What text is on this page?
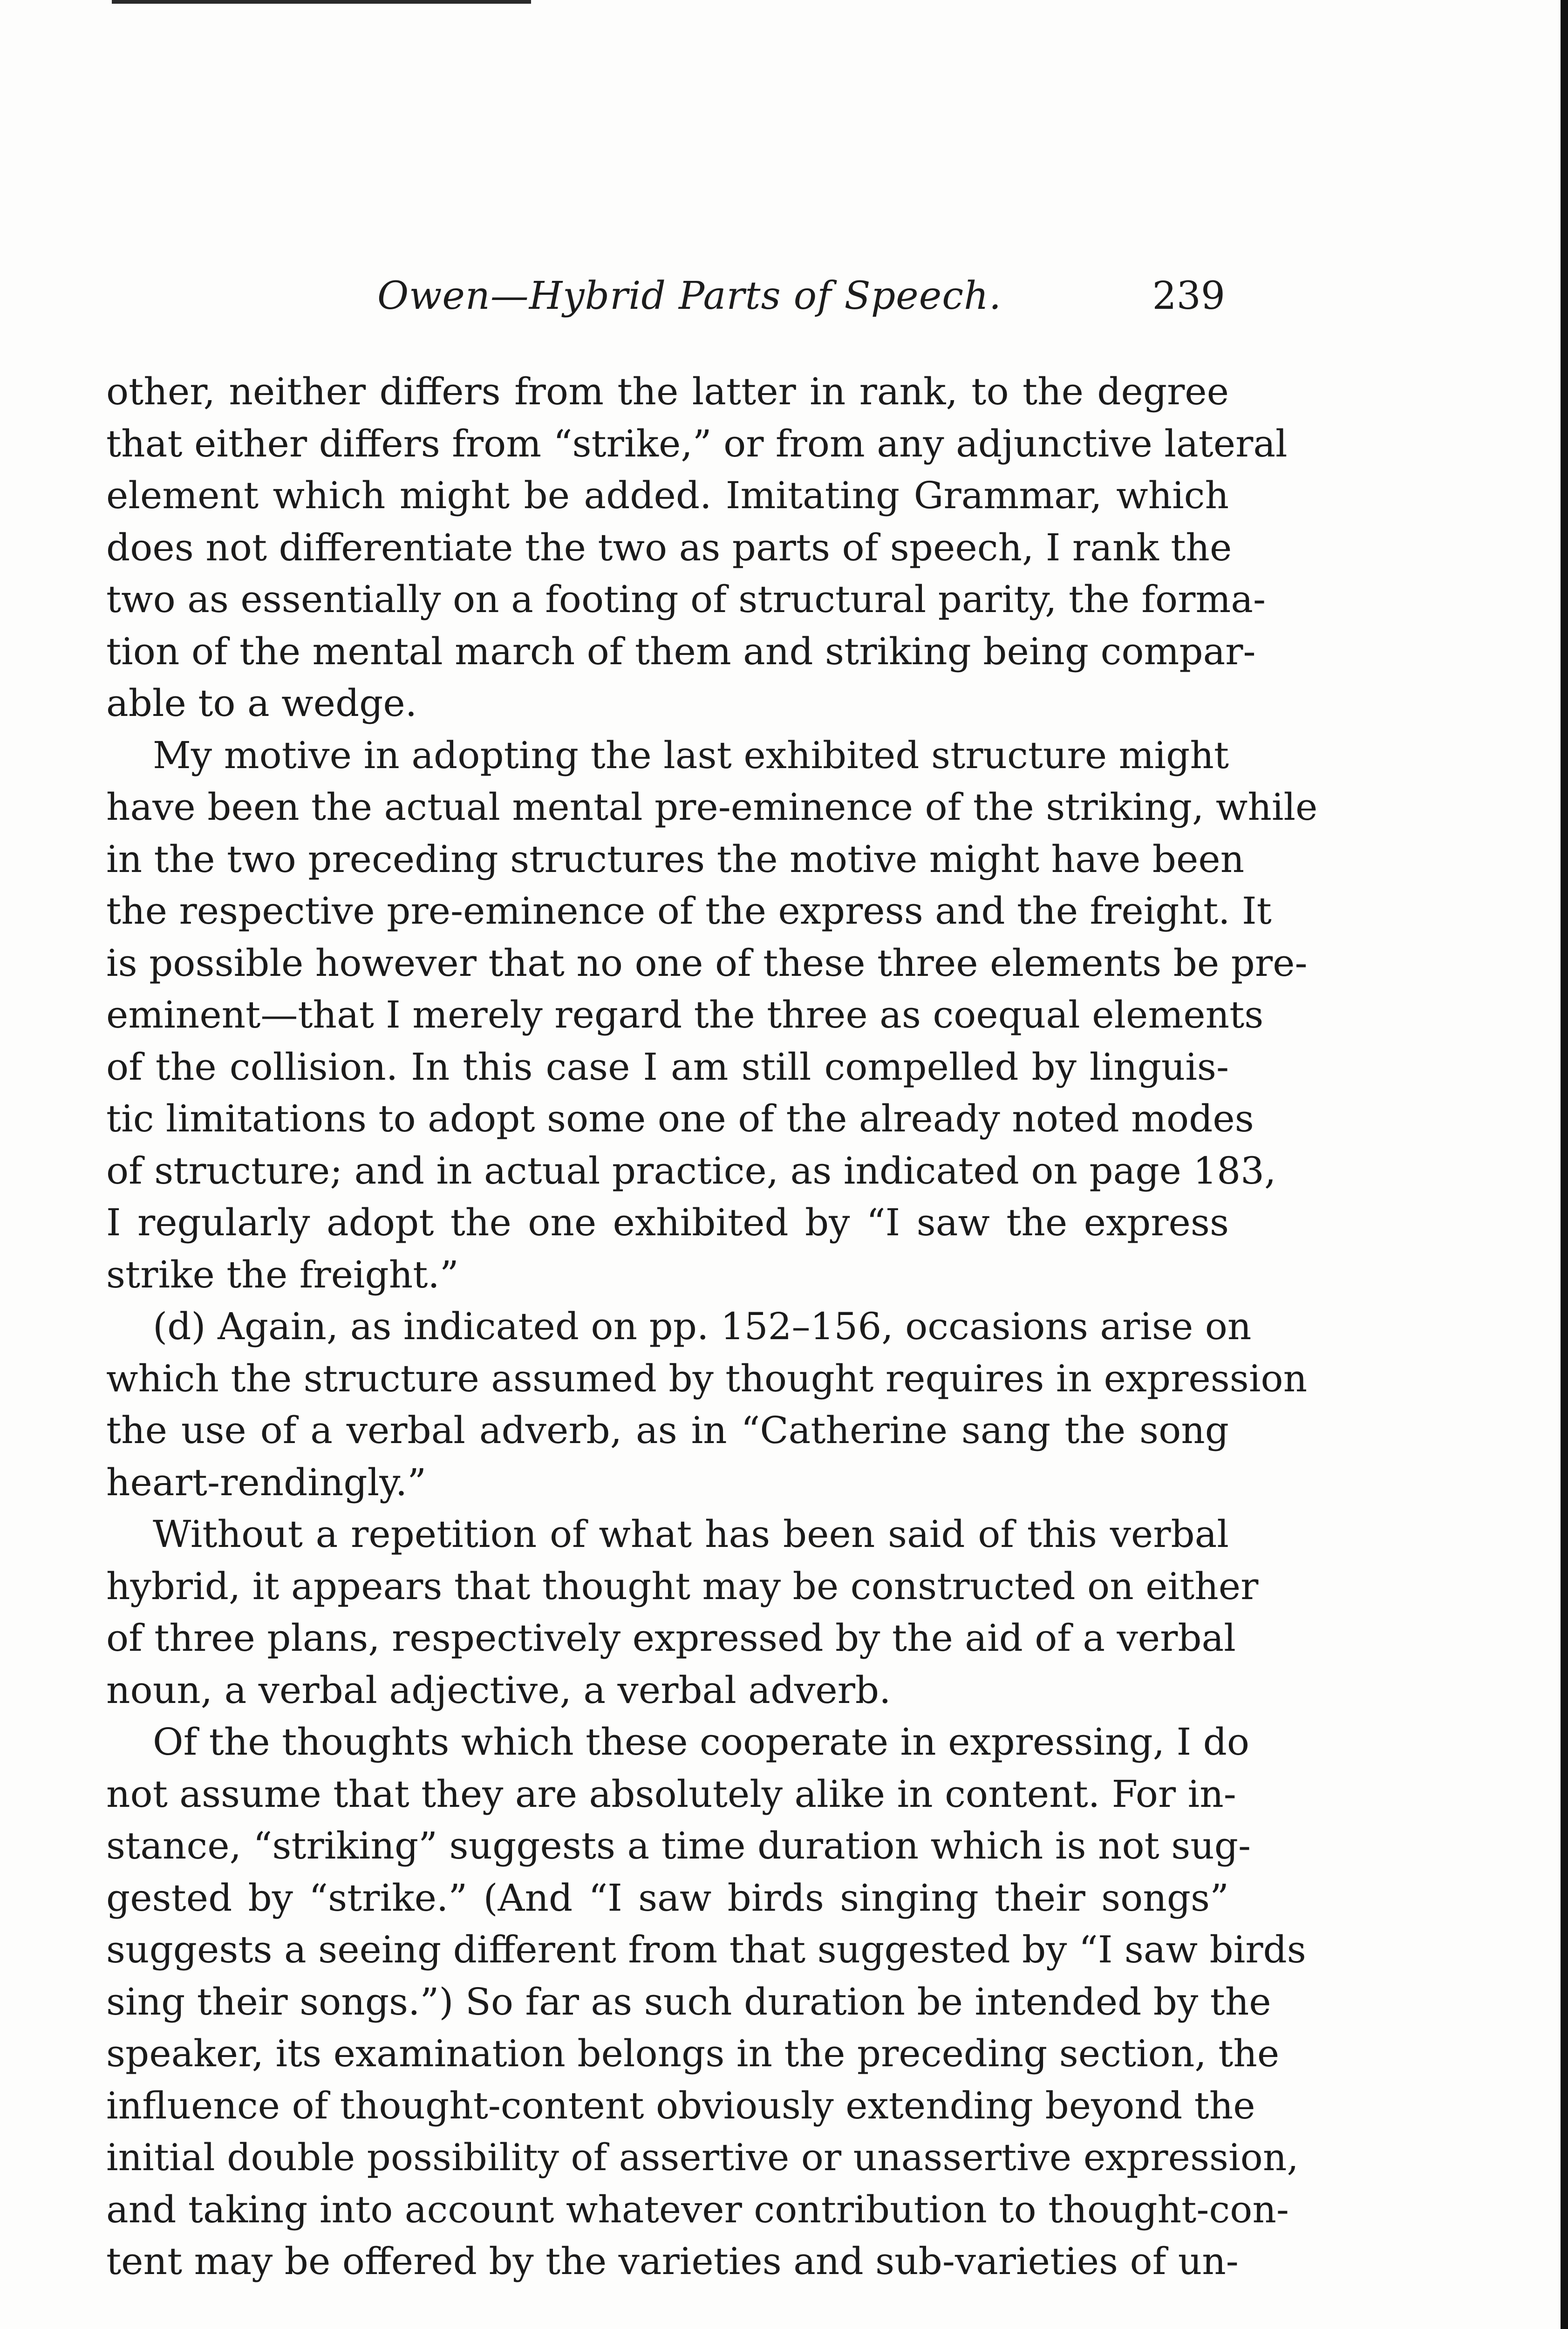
Owen—Hybrid Parts of Speech.	239
other, neither differs from the latter in rank, to the degree
that either differs from “strike,” or from any adjunctive lateral
element which might be added. Imitating Grammar, which
does not differentiate the two as parts of speech, I rank the
two as essentially on a footing of structural parity, the forma-
tion of the mental march of them and striking being compar-
able to a wedge.
My motive in adopting the last exhibited structure might
have been the actual mental pre-eminence of the striking, while
in the two preceding structures the motive might have been
the respective pre-eminence of the express and the freight. It
is possible however that no one of these three elements be pre-
eminent—that I merely regard the three as coequal elements
of the collision. In this case I am still compelled by linguis-
tic limitations to adopt some one of the already noted modes
of structure; and in actual practice, as indicated on page 183,
I regularly adopt the one exhibited by “I saw the express
strike the freight.”
(d) Again, as indicated on pp. 152–156, occasions arise on
which the structure assumed by thought requires in expression
the use of a verbal adverb, as in “Catherine sang the song
heart-rendingly.”
Without a repetition of what has been said of this verbal
hybrid, it appears that thought may be constructed on either
of three plans, respectively expressed by the aid of a verbal
noun, a verbal adjective, a verbal adverb.
Of the thoughts which these cooperate in expressing, I do
not assume that they are absolutely alike in content. For in-
stance, “striking” suggests a time duration which is not sug-
gested by “strike.” (And “I saw birds singing their songs”
suggests a seeing different from that suggested by “I saw birds
sing their songs.”) So far as such duration be intended by the
speaker, its examination belongs in the preceding section, the
influence of thought-content obviously extending beyond the
initial double possibility of assertive or unassertive expression,
and taking into account whatever contribution to thought-con-
tent may be offered by the varieties and sub-varieties of un-
